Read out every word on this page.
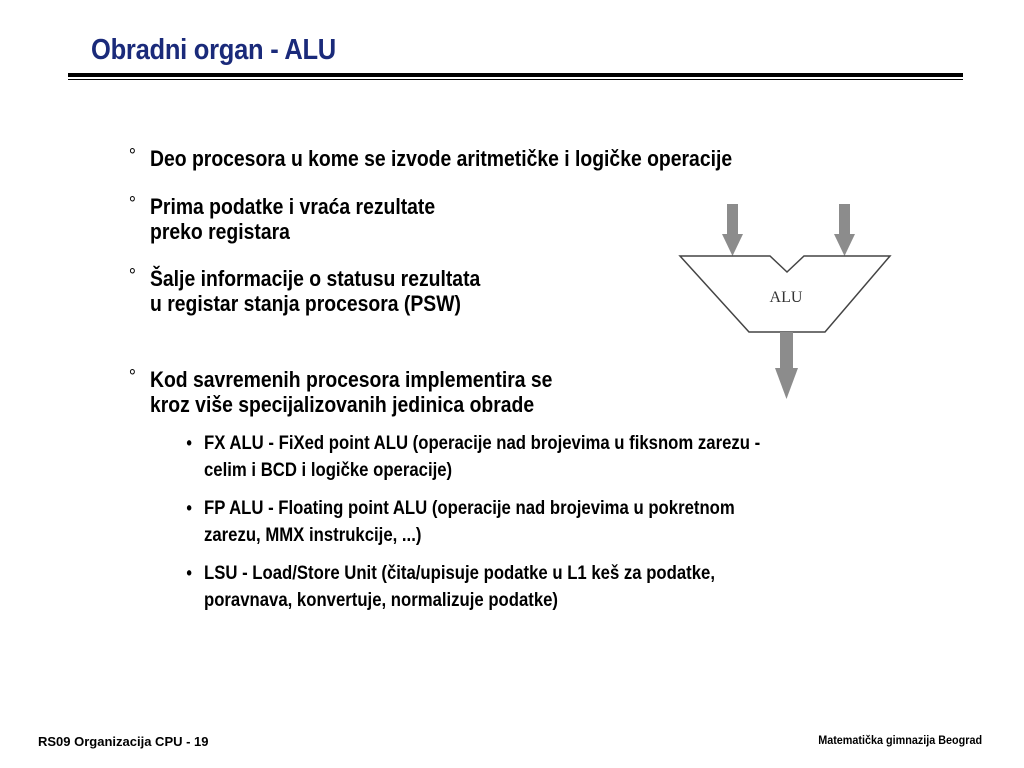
Obradni organ - ALU
° Deo procesora u kome se izvode aritmetičke i logičke operacije
° Prima podatke i vraća rezultate
preko registara
° Šalje informacije o statusu rezultata
u registar stanja procesora (PSW)
° Kod savremenih procesora implementira se
kroz više specijalizovanih jedinica obrade
• FX ALU - FiXed point ALU (operacije nad brojevima u fiksnom zarezu -
celim i BCD i logičke operacije)
• FP ALU - Floating point ALU (operacije nad brojevima u pokretnom
zarezu, MMX instrukcije, ...)
• LSU - Load/Store Unit (čita/upisuje podatke u L1 keš za podatke,
poravnava, konvertuje, normalizuje podatke)
ALU
RS09 Organizacija CPU - 19	Matematička gimnazija Beograd
